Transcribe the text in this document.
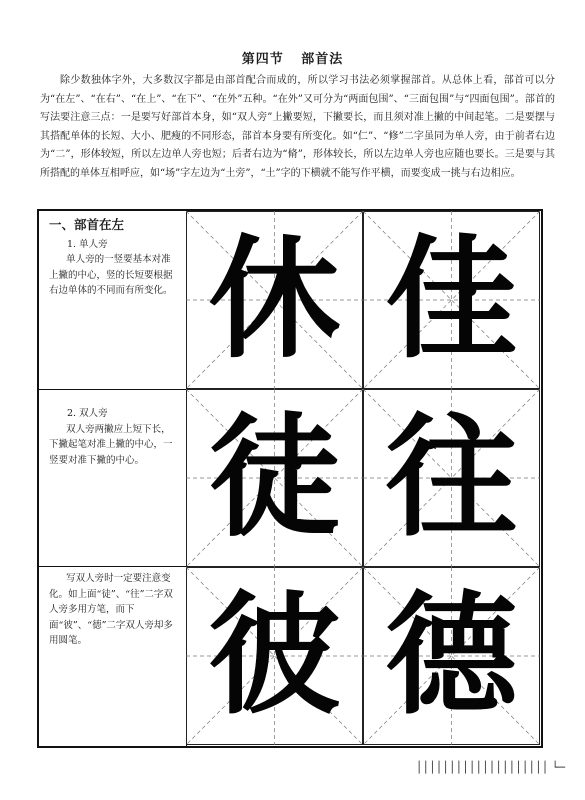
第四节 部首法
除少数独体字外，大多数汉字都是由部首配合而成的，所以学习书法必须掌握部首。从总体上看，部首可以分为“在左”、“在右”、“在上”、“在下”、“在外”五种。“在外”又可分为“两面包围”、“三面包围”与“四面包围”。部首的写法要注意三点：一是要写好部首本身，如“双人旁”上撇要短，下撇要长，而且须对准上撇的中间起笔。二是要摆与其搭配单体的长短、大小、肥瘦的不同形态，部首本身要有所变化。如“仁”、“修”二字虽同为单人旁，由于前者右边为“二”，形体较短，所以左边单人旁也短；后者右边为“脩”，形体较长，所以左边单人旁也应随也要长。三是要与其所搭配的单体互相呼应，如“场”字左边为“土旁”，“土”字的下横就不能写作平横，而要变成一挑与右边相应。
一、部首在左
1. 单人旁
单人旁的一竖要基本对准上撇的中心，竖的长短要根据右边单体的不同而有所变化。
2. 双人旁
双人旁两撇应上短下长，下撇起笔对准上撇的中心，一竖要对准下撇的中心。
写双人旁时一定要注意变化。如上面“徒”、“往”二字双人旁多用方笔，而下面“彼”、“德”二字双人旁却多用圆笔。
休 佳
徒 往
彼 德
││││││││││││││││││││ └─
